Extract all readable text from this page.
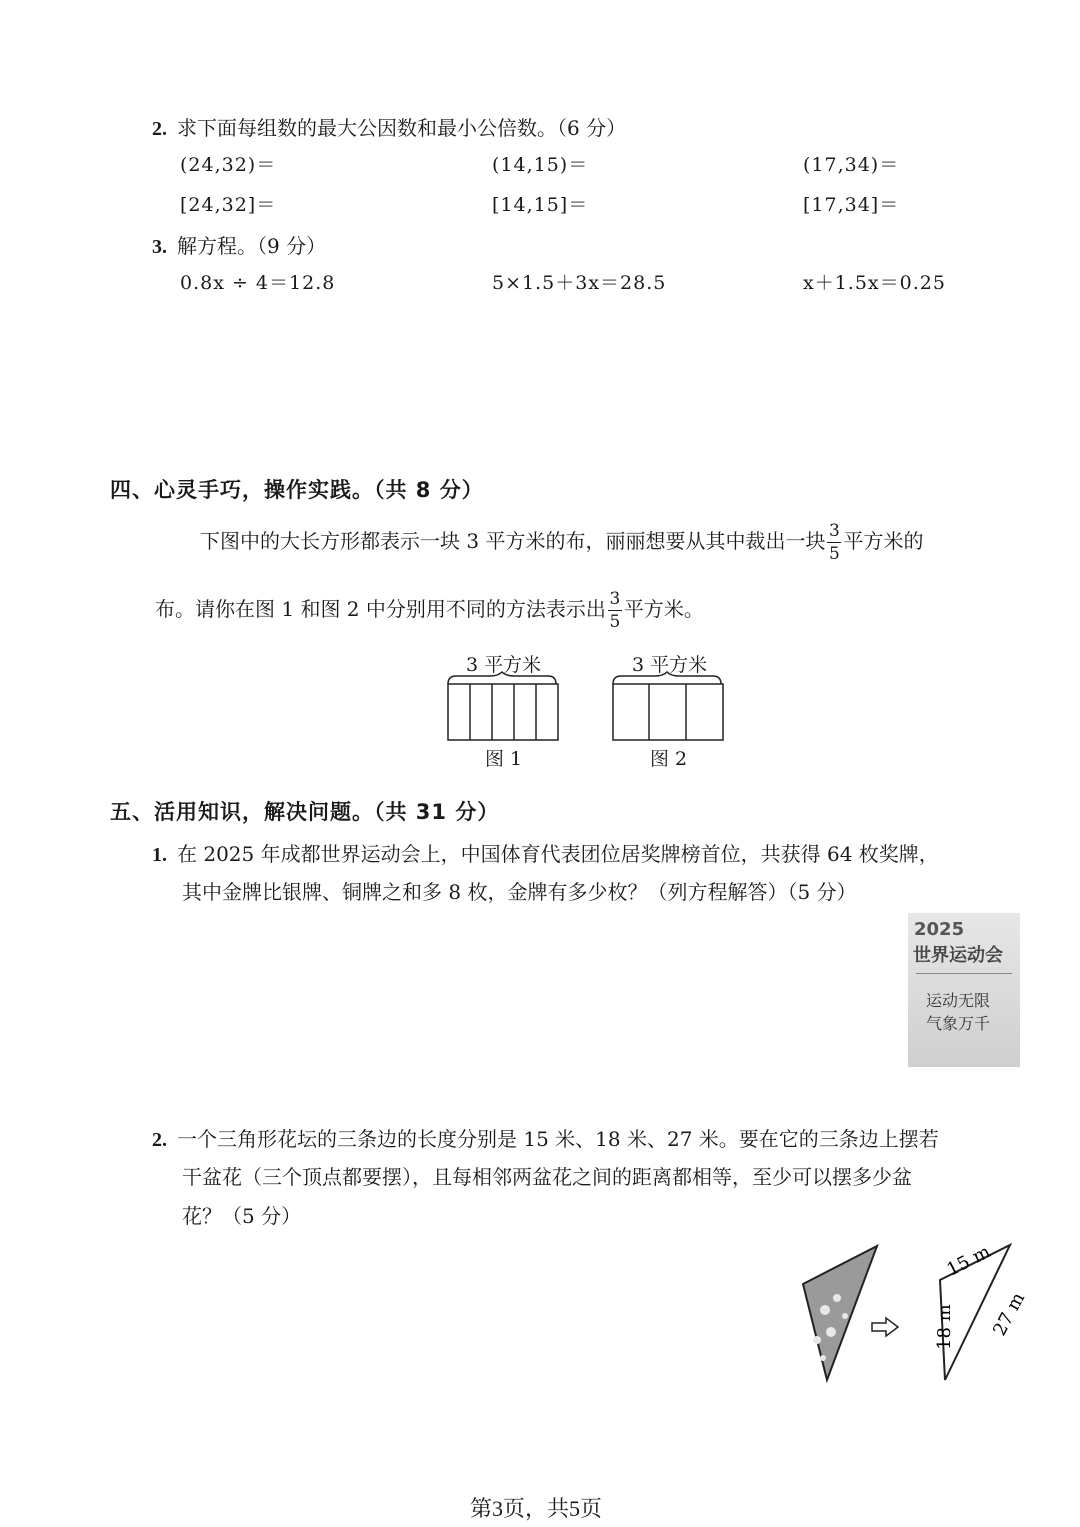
2. 求下面每组数的最大公因数和最小公倍数。（6 分）
(24,32)＝	(14,15)＝	(17,34)＝
[24,32]＝	[14,15]＝	[17,34]＝
3. 解方程。（9 分）
0.8x ÷ 4＝12.8	5×1.5＋3x＝28.5	x＋1.5x＝0.25
四、心灵手巧，操作实践。（共 8 分）
下图中的大长方形都表示一块 3 平方米的布，丽丽想要从其中裁出一块 $\frac{3}{5}$ 平方米的
布。请你在图 1 和图 2 中分别用不同的方法表示出 $\frac{3}{5}$ 平方米。
3 平方米
图 1
3 平方米
图 2
五、活用知识，解决问题。（共 31 分）
1. 在 2025 年成都世界运动会上，中国体育代表团位居奖牌榜首位，共获得 64 枚奖牌，
其中金牌比银牌、铜牌之和多 8 枚，金牌有多少枚？（列方程解答）（5 分）
2025
世界运动会
运动无限
气象万千
2. 一个三角形花坛的三条边的长度分别是 15 米、18 米、27 米。要在它的三条边上摆若
干盆花（三个顶点都要摆），且每相邻两盆花之间的距离都相等，至少可以摆多少盆
花？（5 分）
15 m
18 m 27 m
第3页，共5页
